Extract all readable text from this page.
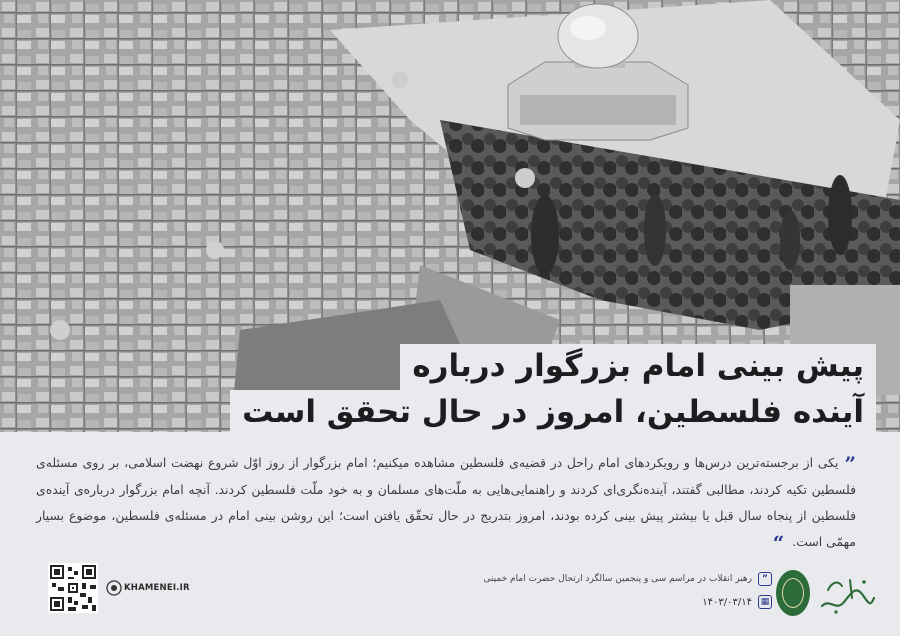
پیش بینی امام بزرگوار درباره
آینده‌ فلسطین، امروز در حال تحقق است
”یکی از برجسته‌ترین درس‌ها و رویکردهای امام راحل در قضیه‌ی فلسطین مشاهده میکنیم؛ امام بزرگوار از روز اوّل شروع نهضت اسلامی، بر روی مسئله‌ی فلسطین تکیه کردند، مطالبی گفتند، آینده‌نگری‌ای کردند و راهنمایی‌هایی به ملّت‌های مسلمان و به خود ملّت فلسطین کردند. آنچه امام بزرگوار درباره‌ی آینده‌ی فلسطین از پنجاه سال قبل یا بیشتر پیش بینی کرده بودند، امروز بتدریج در حال تحقّق یافتن است؛ این روشن بینی امام در مسئله‌ی فلسطین، موضوع بسیار مهمّی است.“
KHAMENEI.IR
”
رهبر انقلاب در مراسم سی و پنجمین سالگرد ارتحال حضرت امام خمینی
۱۴۰۳/۰۳/۱۴ ▦
